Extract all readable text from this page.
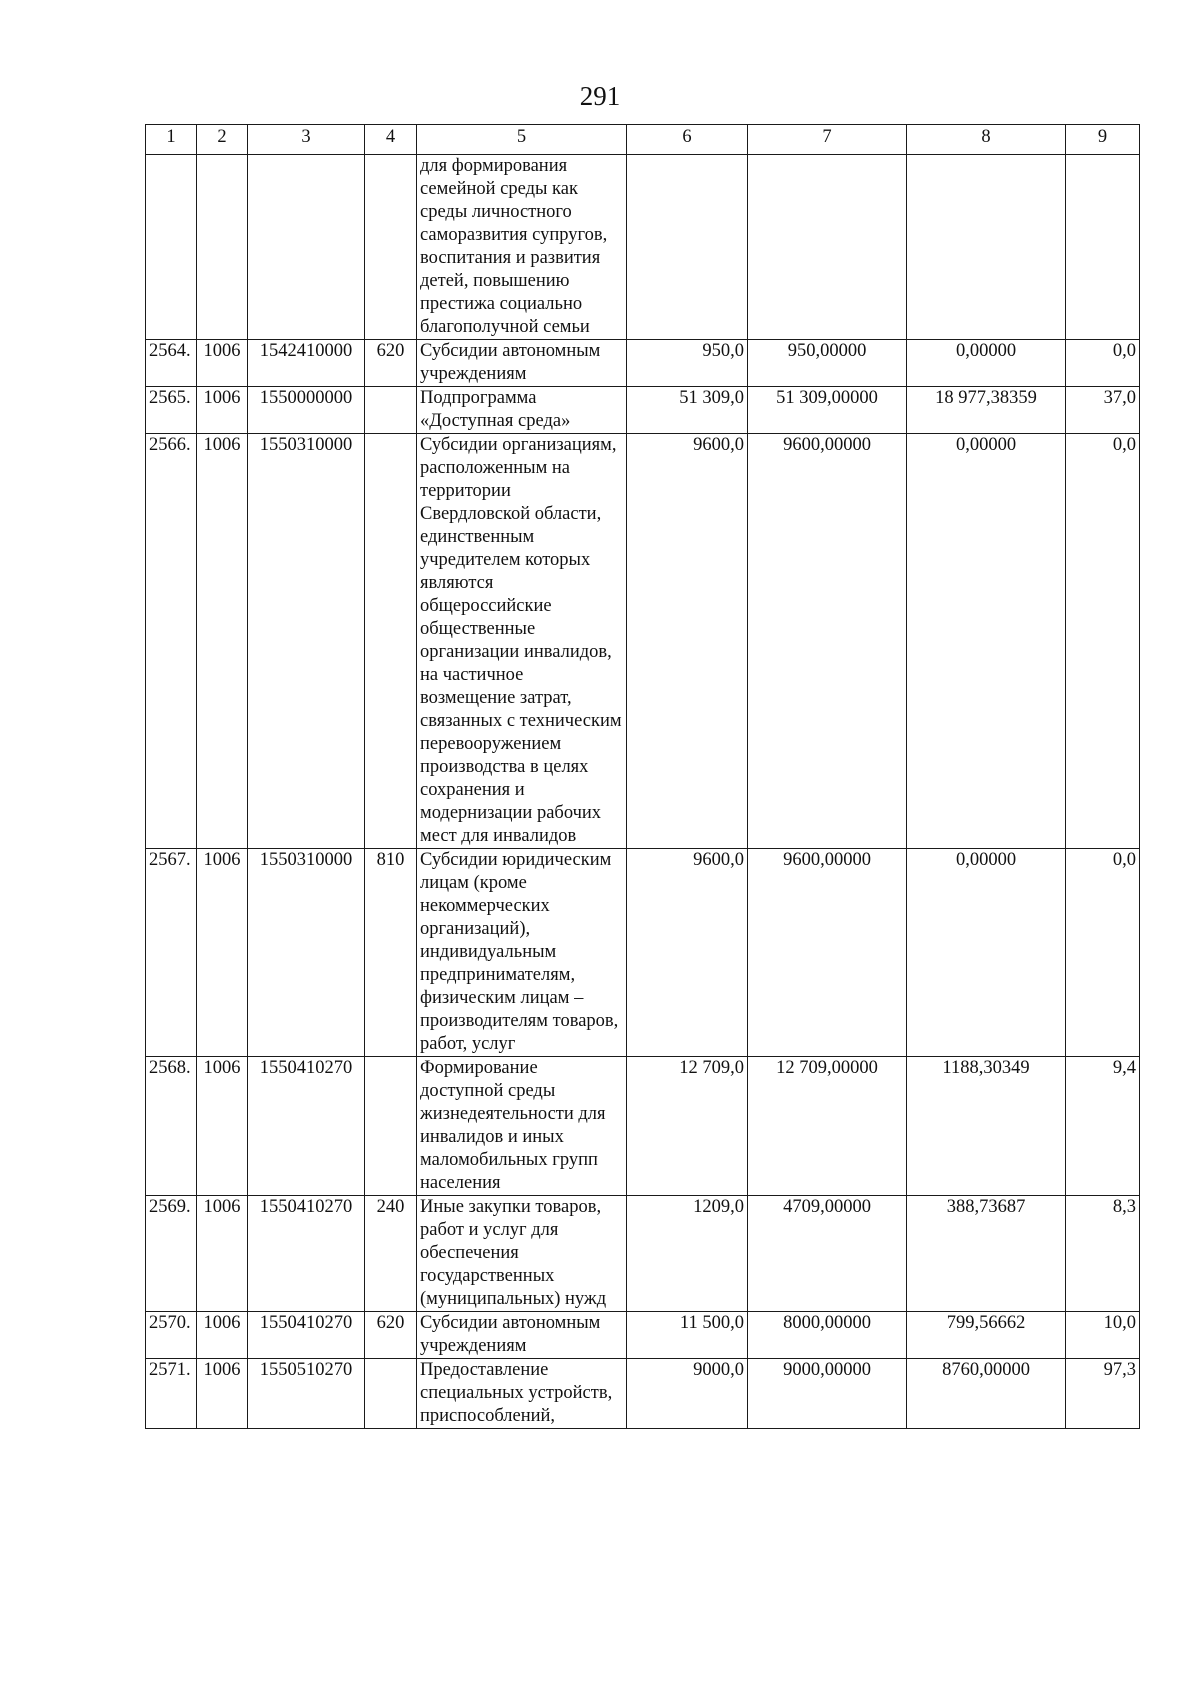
291
1	2	3	4	5	6	7	8	9
				для формирования семейной среды как среды личностного саморазвития супругов, воспитания и развития детей, повышению престижа социально благополучной семьи				
2564.	1006	1542410000	620	Субсидии автономным учреждениям	950,0	950,00000	0,00000	0,0
2565.	1006	1550000000		Подпрограмма «Доступная среда»	51 309,0	51 309,00000	18 977,38359	37,0
2566.	1006	1550310000		Субсидии организациям, расположенным на территории Свердловской области, единственным учредителем которых являются общероссийские общественные организации инвалидов, на частичное возмещение затрат, связанных с техническим перевооружением производства в целях сохранения и модернизации рабочих мест для инвалидов	9600,0	9600,00000	0,00000	0,0
2567.	1006	1550310000	810	Субсидии юридическим лицам (кроме некоммерческих организаций), индивидуальным предпринимателям, физическим лицам – производителям товаров, работ, услуг	9600,0	9600,00000	0,00000	0,0
2568.	1006	1550410270		Формирование доступной среды жизнедеятельности для инвалидов и иных маломобильных групп населения	12 709,0	12 709,00000	1188,30349	9,4
2569.	1006	1550410270	240	Иные закупки товаров, работ и услуг для обеспечения государственных (муниципальных) нужд	1209,0	4709,00000	388,73687	8,3
2570.	1006	1550410270	620	Субсидии автономным учреждениям	11 500,0	8000,00000	799,56662	10,0
2571.	1006	1550510270		Предоставление специальных устройств, приспособлений,	9000,0	9000,00000	8760,00000	97,3
